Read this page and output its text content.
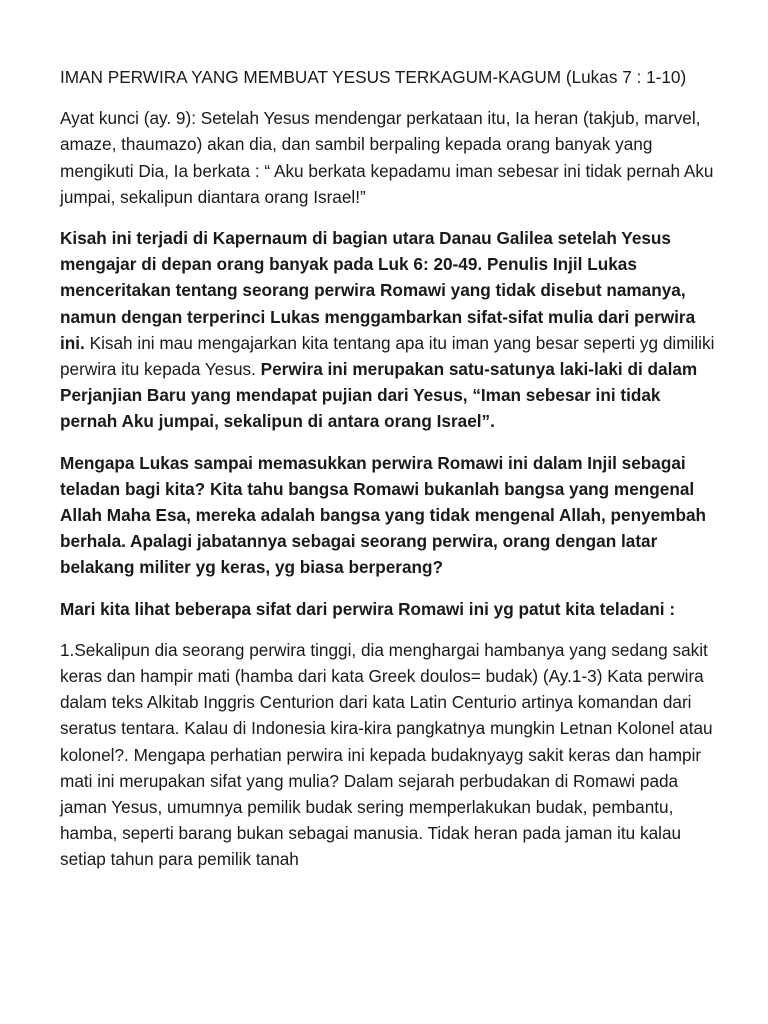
IMAN PERWIRA YANG MEMBUAT YESUS TERKAGUM-KAGUM (Lukas 7 : 1-10)
Ayat kunci (ay. 9): Setelah Yesus mendengar perkataan itu, Ia heran (takjub, marvel, amaze, thaumazo) akan dia, dan sambil berpaling kepada orang banyak yang mengikuti Dia, Ia berkata : “ Aku berkata kepadamu iman sebesar ini tidak pernah Aku jumpai, sekalipun diantara orang Israel!”
Kisah ini terjadi di Kapernaum di bagian utara Danau Galilea setelah Yesus mengajar di depan orang banyak pada Luk 6: 20-49. Penulis Injil Lukas menceritakan tentang seorang perwira Romawi yang tidak disebut namanya, namun dengan terperinci Lukas menggambarkan sifat-sifat mulia dari perwira ini. Kisah ini mau mengajarkan kita tentang apa itu iman yang besar seperti yg dimiliki perwira itu kepada Yesus. Perwira ini merupakan satu-satunya laki-laki di dalam Perjanjian Baru yang mendapat pujian dari Yesus, “Iman sebesar ini tidak pernah Aku jumpai, sekalipun di antara orang Israel”.
Mengapa Lukas sampai memasukkan perwira Romawi ini dalam Injil sebagai teladan bagi kita? Kita tahu bangsa Romawi bukanlah bangsa yang mengenal Allah Maha Esa, mereka adalah bangsa yang tidak mengenal Allah, penyembah berhala. Apalagi jabatannya sebagai seorang perwira, orang dengan latar belakang militer yg keras, yg biasa berperang?
Mari kita lihat beberapa sifat dari perwira Romawi ini yg patut kita teladani :
1.Sekalipun dia seorang perwira tinggi, dia menghargai hambanya yang sedang sakit keras dan hampir mati (hamba dari kata Greek doulos= budak) (Ay.1-3) Kata perwira dalam teks Alkitab Inggris Centurion dari kata Latin Centurio artinya komandan dari seratus tentara. Kalau di Indonesia kira-kira pangkatnya mungkin Letnan Kolonel atau kolonel?. Mengapa perhatian perwira ini kepada budaknyayg sakit keras dan hampir mati ini merupakan sifat yang mulia? Dalam sejarah perbudakan di Romawi pada jaman Yesus, umumnya pemilik budak sering memperlakukan budak, pembantu, hamba, seperti barang bukan sebagai manusia. Tidak heran pada jaman itu kalau setiap tahun para pemilik tanah
